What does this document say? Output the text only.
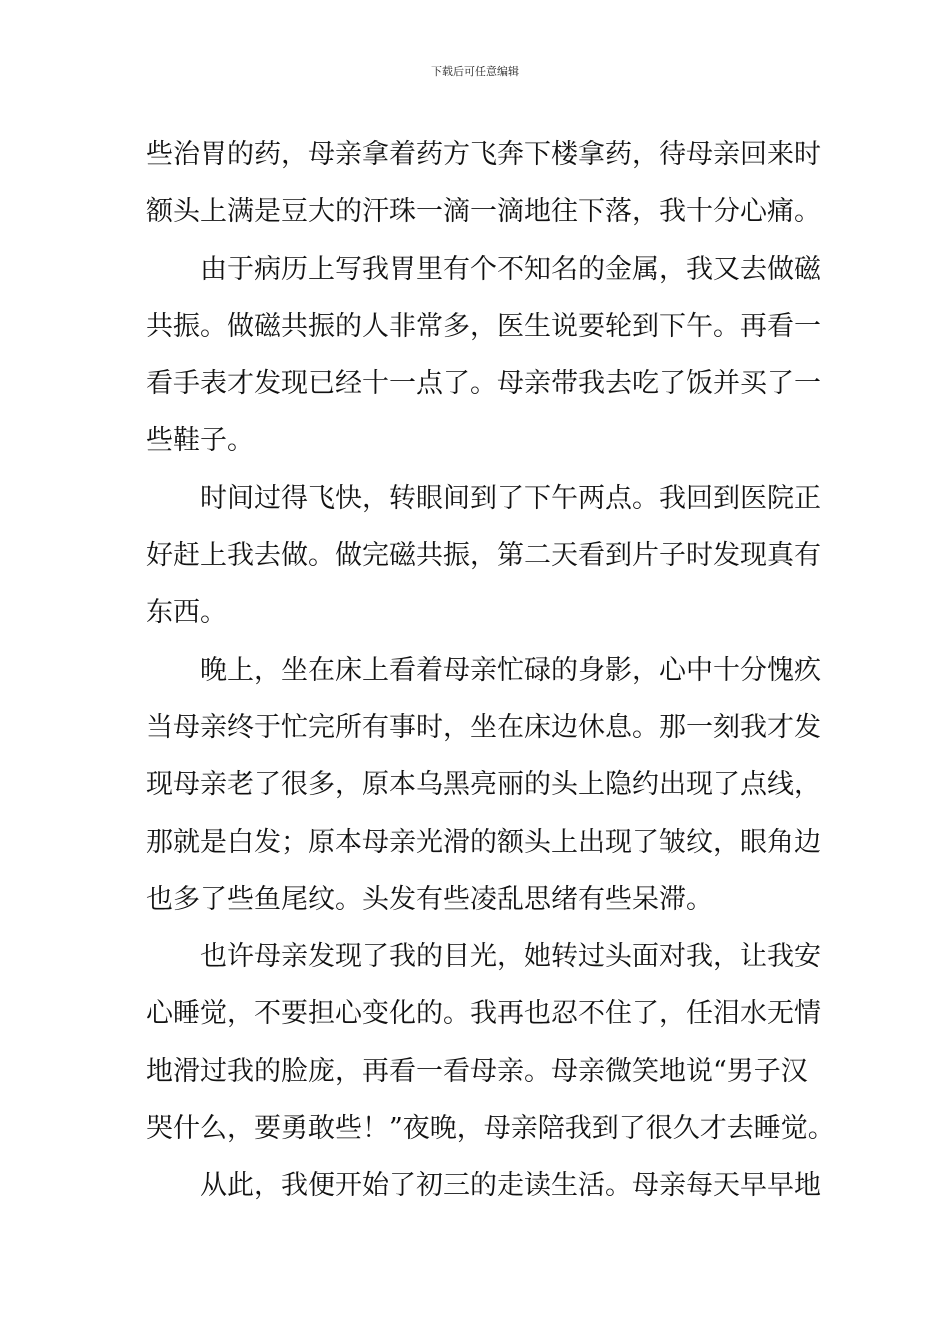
下载后可任意编辑
些治胃的药，母亲拿着药方飞奔下楼拿药，待母亲回来时
额头上满是豆大的汗珠一滴一滴地往下落，我十分心痛。
由于病历上写我胃里有个不知名的金属，我又去做磁
共振。做磁共振的人非常多，医生说要轮到下午。再看一
看手表才发现已经十一点了。母亲带我去吃了饭并买了一
些鞋子。
时间过得飞快，转眼间到了下午两点。我回到医院正
好赶上我去做。做完磁共振，第二天看到片子时发现真有
东西。
晚上，坐在床上看着母亲忙碌的身影，心中十分愧疚
当母亲终于忙完所有事时，坐在床边休息。那一刻我才发
现母亲老了很多，原本乌黑亮丽的头上隐约出现了点线，
那就是白发；原本母亲光滑的额头上出现了皱纹，眼角边
也多了些鱼尾纹。头发有些凌乱思绪有些呆滞。
也许母亲发现了我的目光，她转过头面对我，让我安
心睡觉，不要担心变化的。我再也忍不住了，任泪水无情
地滑过我的脸庞，再看一看母亲。母亲微笑地说“男子汉
哭什么，要勇敢些！”夜晚，母亲陪我到了很久才去睡觉。
从此，我便开始了初三的走读生活。母亲每天早早地
